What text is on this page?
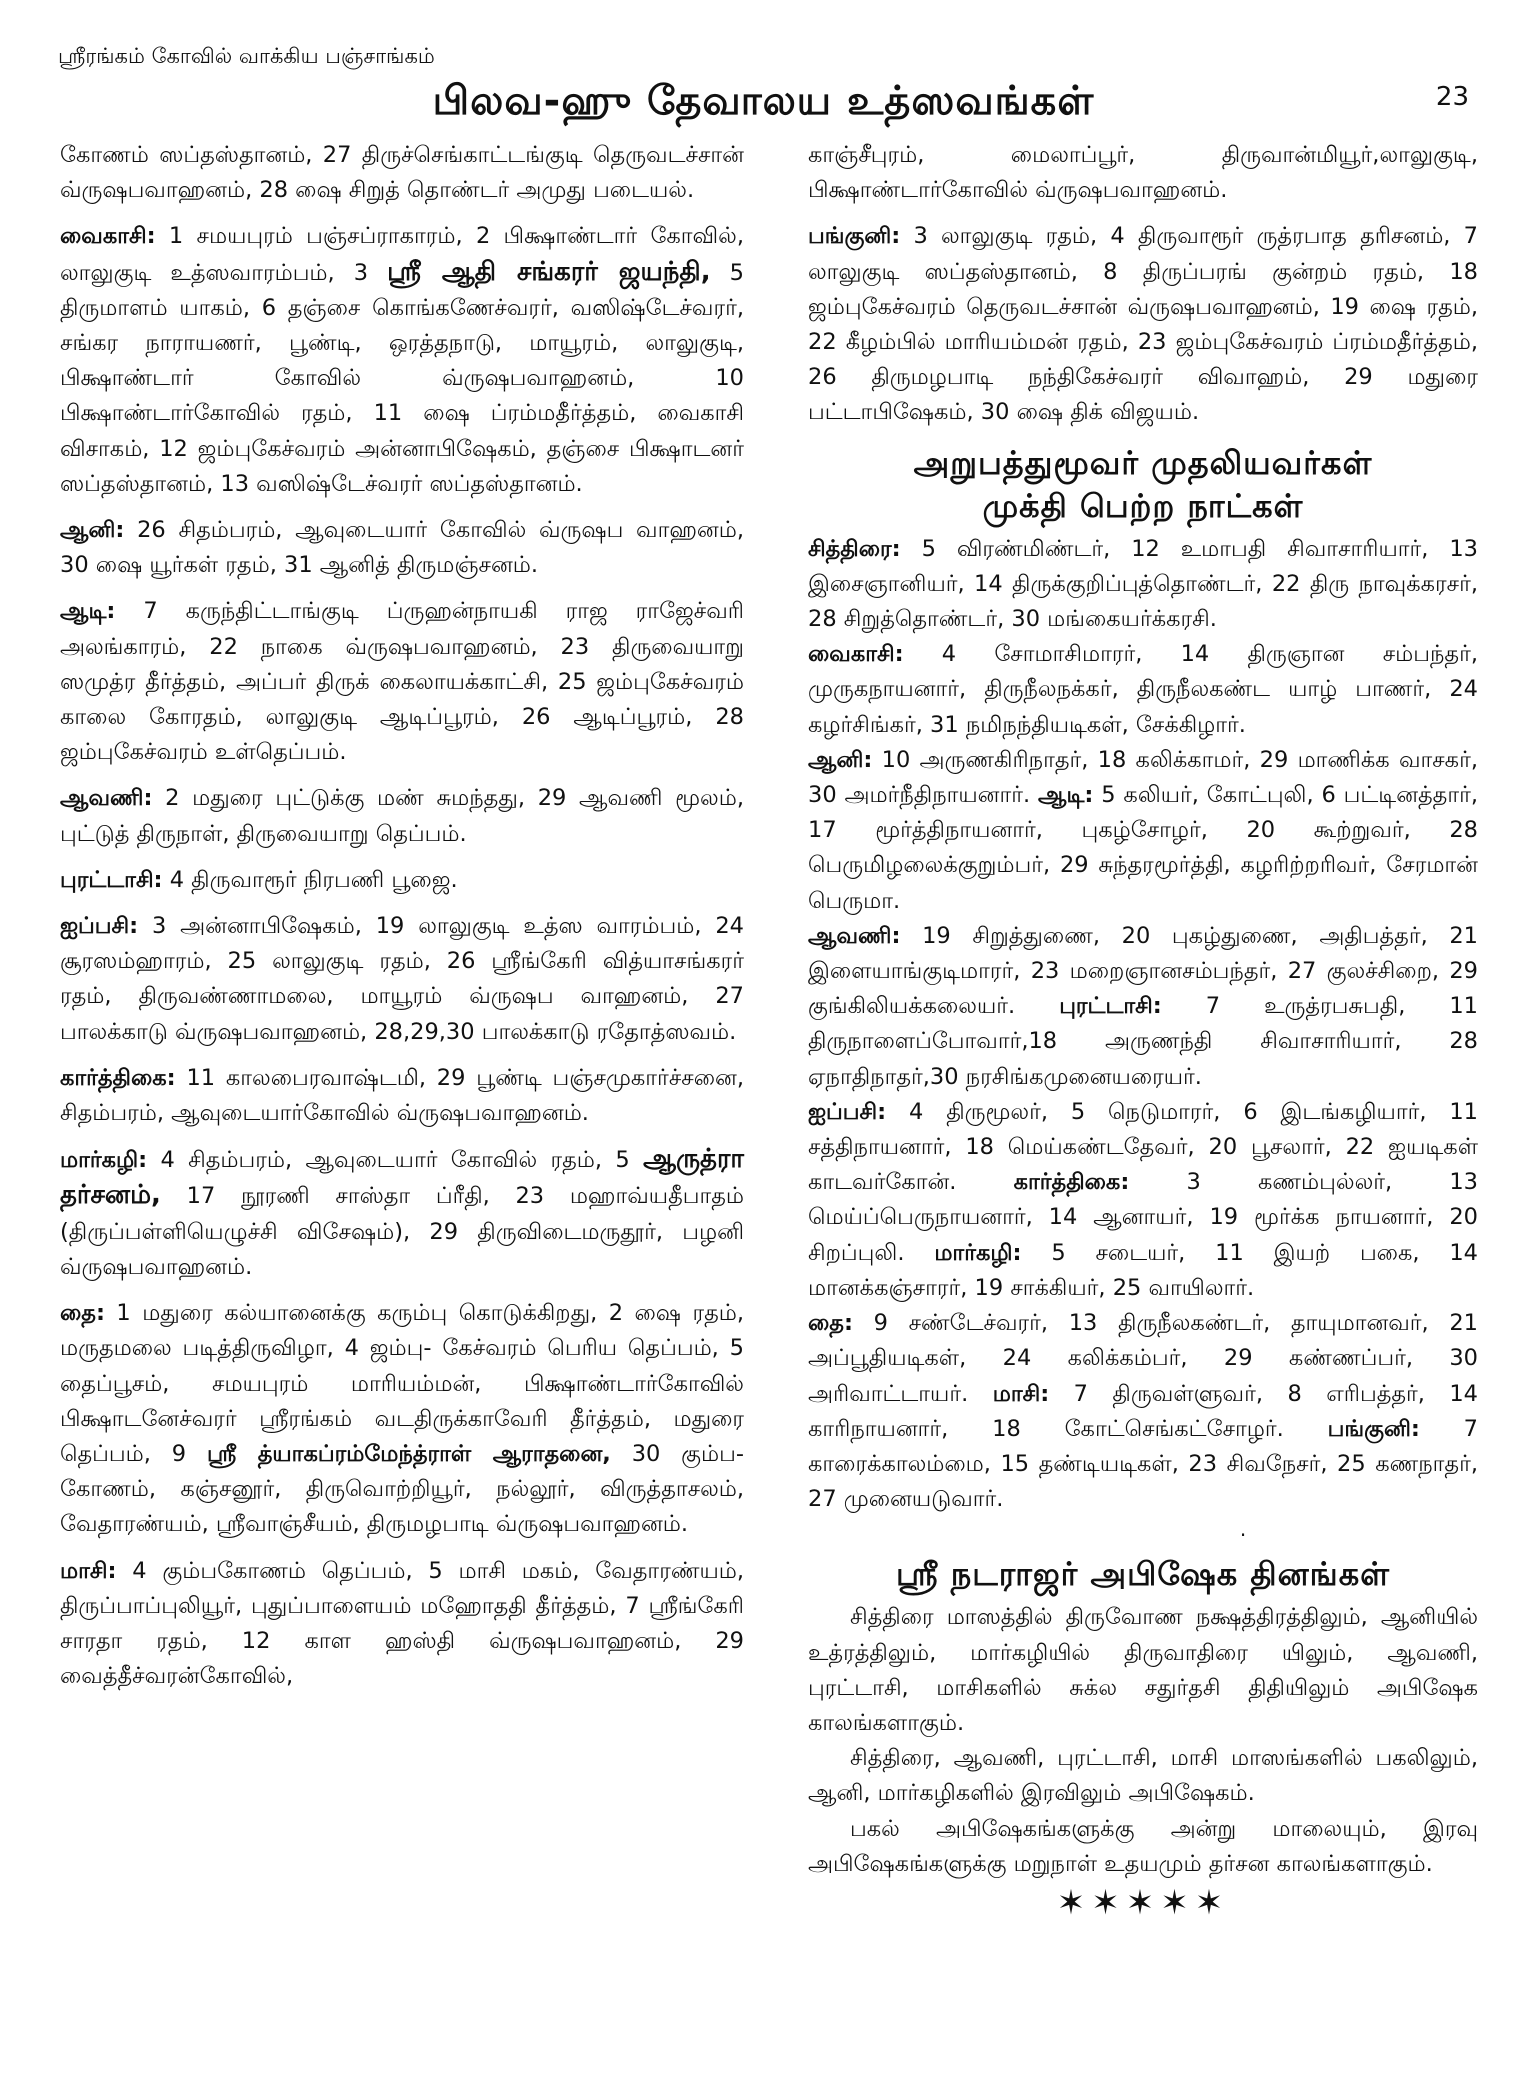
ஸ்ரீரங்கம் கோவில் வாக்கிய பஞ்சாங்கம்
பிலவ-ஹு தேவாலய உத்ஸவங்கள்	23

கோணம் ஸப்தஸ்தானம், 27 திருச்செங்காட்டங்குடி தெருவடச்சான் வ்ருஷபவாஹனம், 28 ஷை சிறுத் தொண்டர் அமுது படையல்.

வைகாசி: 1 சமயபுரம் பஞ்சப்ராகாரம், 2 பிக்ஷாண்டார் கோவில், லாலுகுடி உத்ஸவாரம்பம், 3 ஸ்ரீ ஆதி சங்கரர் ஜயந்தி, 5 திருமாளம் யாகம், 6 தஞ்சை கொங்கணேச்வரர், வஸிஷ்டேச்வரர், சங்கர நாராயணர், பூண்டி, ஒரத்தநாடு, மாயூரம், லாலுகுடி, பிக்ஷாண்டார் கோவில் வ்ருஷபவாஹனம், 10 பிக்ஷாண்டார்கோவில் ரதம், 11 ஷை ப்ரம்மதீர்த்தம், வைகாசி விசாகம், 12 ஜம்புகேச்வரம் அன்னாபிஷேகம், தஞ்சை பிக்ஷாடனர் ஸப்தஸ்தானம், 13 வஸிஷ்டேச்வரர் ஸப்தஸ்தானம்.

ஆனி: 26 சிதம்பரம், ஆவுடையார் கோவில் வ்ருஷப வாஹனம், 30 ஷை யூர்கள் ரதம், 31 ஆனித் திருமஞ்சனம்.

ஆடி: 7 கருந்திட்டாங்குடி ப்ருஹன்நாயகி ராஜ ராஜேச்வரி அலங்காரம், 22 நாகை வ்ருஷபவாஹனம், 23 திருவையாறு ஸமுத்ர தீர்த்தம், அப்பர் திருக் கைலாயக்காட்சி, 25 ஜம்புகேச்வரம் காலை கோரதம், லாலுகுடி ஆடிப்பூரம், 26 ஆடிப்பூரம், 28 ஜம்புகேச்வரம் உள்தெப்பம்.

ஆவணி: 2 மதுரை புட்டுக்கு மண் சுமந்தது, 29 ஆவணி மூலம், புட்டுத் திருநாள், திருவையாறு தெப்பம்.

புரட்டாசி: 4 திருவாரூர் நிரபணி பூஜை.

ஐப்பசி: 3 அன்னாபிஷேகம், 19 லாலுகுடி உத்ஸ வாரம்பம், 24 சூரஸம்ஹாரம், 25 லாலுகுடி ரதம், 26 ஸ்ரீங்கேரி வித்யாசங்கரர் ரதம், திருவண்ணாமலை, மாயூரம் வ்ருஷப வாஹனம், 27 பாலக்காடு வ்ருஷபவாஹனம், 28,29,30 பாலக்காடு ரதோத்ஸவம்.

கார்த்திகை: 11 காலபைரவாஷ்டமி, 29 பூண்டி பஞ்சமுகார்ச்சனை, சிதம்பரம், ஆவுடையார்கோவில் வ்ருஷபவாஹனம்.

மார்கழி: 4 சிதம்பரம், ஆவுடையார் கோவில் ரதம், 5 ஆருத்ரா தர்சனம், 17 நூரணி சாஸ்தா ப்ரீதி, 23 மஹாவ்யதீபாதம் (திருப்பள்ளியெழுச்சி விசேஷம்), 29 திருவிடைமருதூர், பழனி வ்ருஷபவாஹனம்.

தை: 1 மதுரை கல்யானைக்கு கரும்பு கொடுக்கிறது, 2 ஷை ரதம், மருதமலை படித்திருவிழா, 4 ஜம்பு- கேச்வரம் பெரிய தெப்பம், 5 தைப்பூசம், சமயபுரம் மாரியம்மன், பிக்ஷாண்டார்கோவில் பிக்ஷாடனேச்வரர் ஸ்ரீரங்கம் வடதிருக்காவேரி தீர்த்தம், மதுரை தெப்பம், 9 ஸ்ரீ த்யாகப்ரம்மேந்த்ராள் ஆராதனை, 30 கும்ப- கோணம், கஞ்சனூர், திருவொற்றியூர், நல்லூர், விருத்தாசலம், வேதாரண்யம், ஸ்ரீவாஞ்சீயம், திருமழபாடி வ்ருஷபவாஹனம்.

மாசி: 4 கும்பகோணம் தெப்பம், 5 மாசி மகம், வேதாரண்யம், திருப்பாப்புலியூர், புதுப்பாளையம் மஹோததி தீர்த்தம், 7 ஸ்ரீங்கேரி சாரதா ரதம், 12 காள ஹஸ்தி வ்ருஷபவாஹனம், 29 வைத்தீச்வரன்கோவில்,

காஞ்சீபுரம், மைலாப்பூர், திருவான்மியூர்,லாலுகுடி, பிக்ஷாண்டார்கோவில் வ்ருஷபவாஹனம்.

பங்குனி: 3 லாலுகுடி ரதம், 4 திருவாரூர் ருத்ரபாத தரிசனம், 7 லாலுகுடி ஸப்தஸ்தானம், 8 திருப்பரங் குன்றம் ரதம், 18 ஜம்புகேச்வரம் தெருவடச்சான் வ்ருஷபவாஹனம், 19 ஷை ரதம், 22 கீழம்பில் மாரியம்மன் ரதம், 23 ஜம்புகேச்வரம் ப்ரம்மதீர்த்தம், 26 திருமழபாடி நந்திகேச்வரர் விவாஹம், 29 மதுரை பட்டாபிஷேகம், 30 ஷை திக் விஜயம்.

அறுபத்துமூவர் முதலியவர்கள்
முக்தி பெற்ற நாட்கள்

சித்திரை: 5 விரண்மிண்டர், 12 உமாபதி சிவாசாரியார், 13 இசைஞானியர், 14 திருக்குறிப்புத்தொண்டர், 22 திரு நாவுக்கரசர், 28 சிறுத்தொண்டர், 30 மங்கையர்க்கரசி.

வைகாசி: 4 சோமாசிமாரர், 14 திருஞான சம்பந்தர், முருகநாயனார், திருநீலநக்கர், திருநீலகண்ட யாழ் பாணர், 24 கழர்சிங்கர், 31 நமிநந்தியடிகள், சேக்கிழார்.

ஆனி: 10 அருணகிரிநாதர், 18 கலிக்காமர், 29 மாணிக்க வாசகர், 30 அமர்நீதிநாயனார். ஆடி: 5 கலியர், கோட்புலி, 6 பட்டினத்தார், 17 மூர்த்திநாயனார், புகழ்சோழர், 20 கூற்றுவர், 28 பெருமிழலைக்குறும்பர், 29 சுந்தரமூர்த்தி, கழரிற்றரிவர், சேரமான் பெருமா.

ஆவணி: 19 சிறுத்துணை, 20 புகழ்துணை, அதிபத்தர், 21 இளையாங்குடிமாரர், 23 மறைஞானசம்பந்தர், 27 குலச்சிறை, 29 குங்கிலியக்கலையர். புரட்டாசி: 7 உருத்ரபசுபதி, 11 திருநாளைப்போவார்,18 அருணந்தி சிவாசாரியார், 28 ஏநாதிநாதர்,30 நரசிங்கமுனையரையர்.

ஐப்பசி: 4 திருமூலர், 5 நெடுமாரர், 6 இடங்கழியார், 11 சத்திநாயனார், 18 மெய்கண்டதேவர், 20 பூசலார், 22 ஐயடிகள் காடவர்கோன். கார்த்திகை: 3 கணம்புல்லர், 13 மெய்ப்பெருநாயனார், 14 ஆனாயர், 19 மூர்க்க நாயனார், 20 சிறப்புலி. மார்கழி: 5 சடையர், 11 இயற் பகை, 14 மானக்கஞ்சாரர், 19 சாக்கியர், 25 வாயிலார்.

தை: 9 சண்டேச்வரர், 13 திருநீலகண்டர், தாயுமானவர், 21 அப்பூதியடிகள், 24 கலிக்கம்பர், 29 கண்ணப்பர், 30 அரிவாட்டாயர். மாசி: 7 திருவள்ளுவர், 8 எரிபத்தர், 14 காரிநாயனார், 18 கோட்செங்கட்சோழர். பங்குனி: 7 காரைக்காலம்மை, 15 தண்டியடிகள், 23 சிவநேசர், 25 கணநாதர், 27 முனையடுவார்.

.
ஸ்ரீ நடராஜர் அபிஷேக தினங்கள்

சித்திரை மாஸத்தில் திருவோண நக்ஷத்திரத்திலும், ஆனியில் உத்ரத்திலும், மார்கழியில் திருவாதிரை யிலும், ஆவணி, புரட்டாசி, மாசிகளில் சுக்ல சதுர்தசி திதியிலும் அபிஷேக காலங்களாகும்.

சித்திரை, ஆவணி, புரட்டாசி, மாசி மாஸங்களில் பகலிலும், ஆனி, மார்கழிகளில் இரவிலும் அபிஷேகம்.

பகல் அபிஷேகங்களுக்கு அன்று மாலையும், இரவு அபிஷேகங்களுக்கு மறுநாள் உதயமும் தர்சன காலங்களாகும்.

✶✶✶✶✶
